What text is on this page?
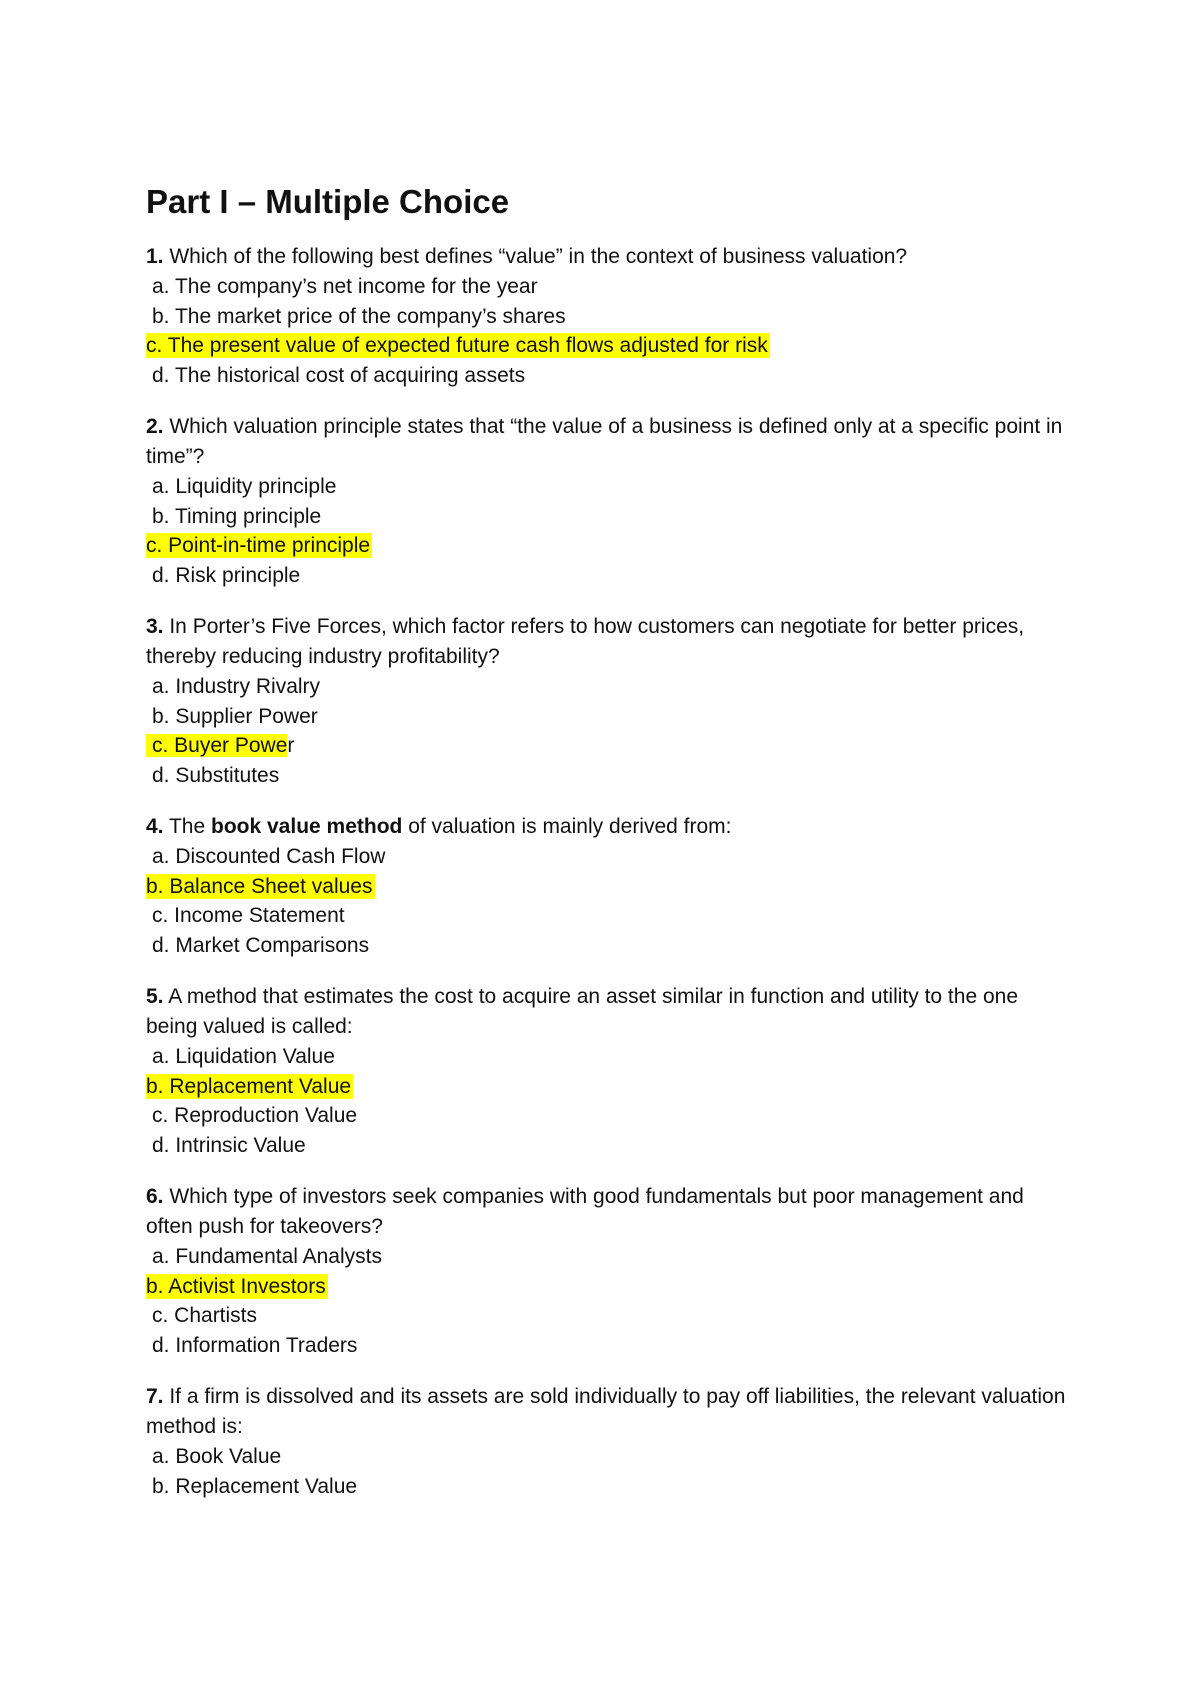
Part I – Multiple Choice

1. Which of the following best defines “value” in the context of business valuation?

a. The company’s net income for the year

b. The market price of the company’s shares

c. The present value of expected future cash flows adjusted for risk

d. The historical cost of acquiring assets

2. Which valuation principle states that “the value of a business is defined only at a specific point in time”?

a. Liquidity principle

b. Timing principle

c. Point-in-time principle

d. Risk principle

3. In Porter’s Five Forces, which factor refers to how customers can negotiate for better prices, thereby reducing industry profitability?

a. Industry Rivalry

b. Supplier Power

c. Buyer Power

d. Substitutes

4. The book value method of valuation is mainly derived from:

a. Discounted Cash Flow

b. Balance Sheet values

c. Income Statement

d. Market Comparisons

5. A method that estimates the cost to acquire an asset similar in function and utility to the one being valued is called:

a. Liquidation Value

b. Replacement Value

c. Reproduction Value

d. Intrinsic Value

6. Which type of investors seek companies with good fundamentals but poor management and often push for takeovers?

a. Fundamental Analysts

b. Activist Investors

c. Chartists

d. Information Traders

7. If a firm is dissolved and its assets are sold individually to pay off liabilities, the relevant valuation method is:

a. Book Value

b. Replacement Value
